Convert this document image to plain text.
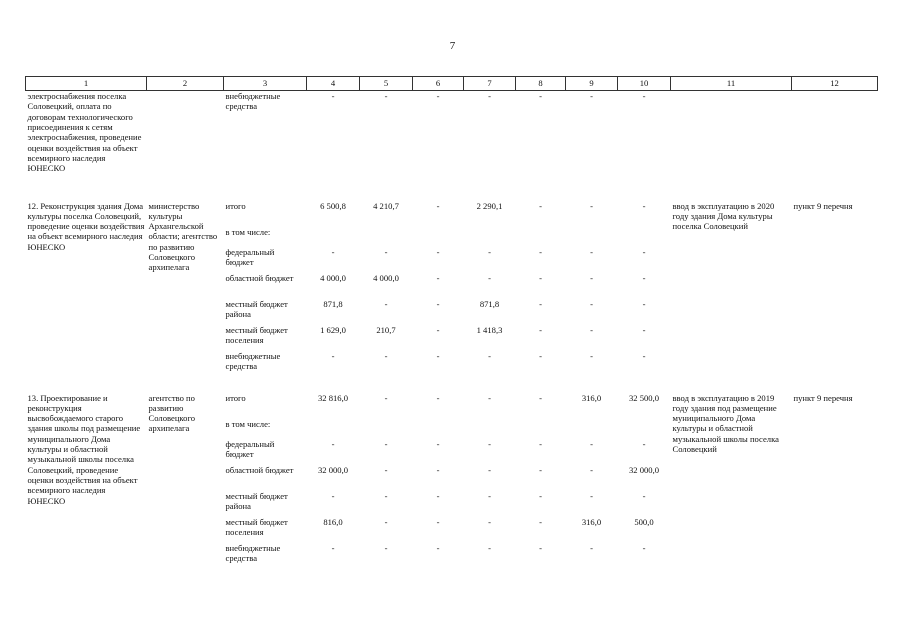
7
1	2	3	4	5	6	7	8	9	10	11	12
электроснабжения поселка Соловецкий, оплата по договорам технологического присоединения к сетям электроснабжения, проведение оценки воздействия на объект всемирного наследия ЮНЕСКО		внебюджетные средства	-	-	-	-	-	-	-		

12. Реконструкция здания Дома культуры поселка Соловецкий, проведение оценки воздействия на объект всемирного наследия ЮНЕСКО	министерство культуры Архангельской области; агентство по развитию Соловецкого архипелага	итого	6 500,8	4 210,7	-	2 290,1	-	-	-	ввод в эксплуатацию в 2020 году здания Дома культуры поселка Соловецкий	пункт 9 перечня
		в том числе:									
		федеральный бюджет	-	-	-	-	-	-	-		
		областной бюджет	4 000,0	4 000,0	-	-	-	-	-		
		местный бюджет района	871,8	-	-	871,8	-	-	-		
		местный бюджет поселения	1 629,0	210,7	-	1 418,3	-	-	-		
		внебюджетные средства	-	-	-	-	-	-	-		

13. Проектирование и реконструкция высвобождаемого старого здания школы под размещение муниципального Дома культуры и областной музыкальной школы поселка Соловецкий, проведение оценки воздействия на объект всемирного наследия ЮНЕСКО	агентство по развитию Соловецкого архипелага	итого	32 816,0	-	-	-	-	316,0	32 500,0	ввод в эксплуатацию в 2019 году здания под размещение муниципального Дома культуры и областной музыкальной школы поселка Соловецкий	пункт 9 перечня
		в том числе:									
		федеральный бюджет	-	-	-	-	-	-	-		
		областной бюджет	32 000,0	-	-	-	-	-	32 000,0		
		местный бюджет района	-	-	-	-	-	-	-		
		местный бюджет поселения	816,0	-	-	-	-	316,0	500,0		
		внебюджетные средства	-	-	-	-	-	-	-		
